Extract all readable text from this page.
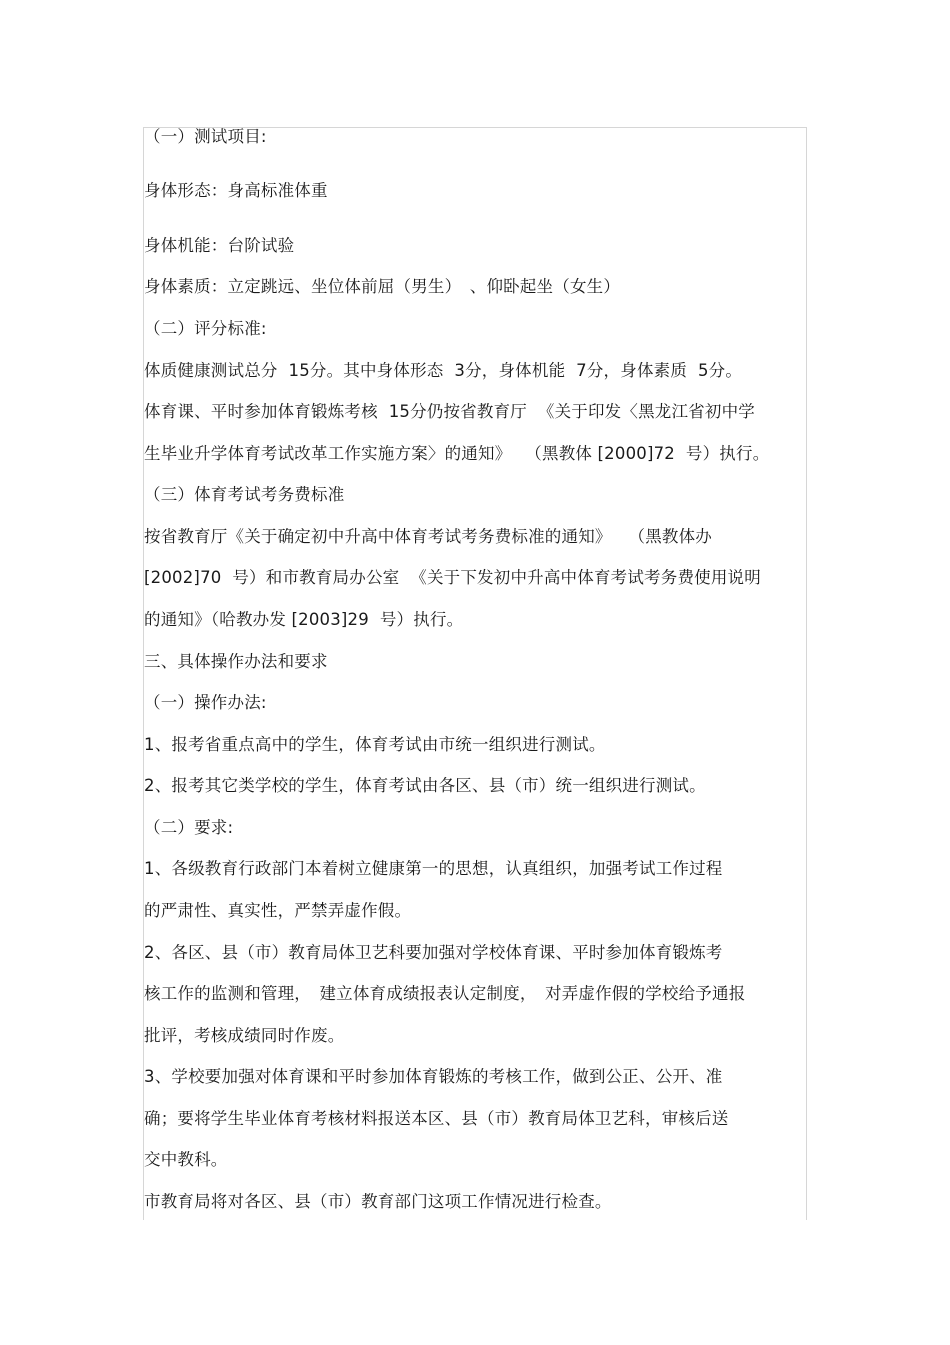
（一）测试项目:
身体形态：身高标准体重
身体机能：台阶试验
身体素质：立定跳远、坐位体前屈（男生）　、仰卧起坐（女生）
（二）评分标准:
体质健康测试总分  15分。其中身体形态  3分，身体机能  7分，身体素质  5分。
体育课、平时参加体育锻炼考核  15分仍按省教育厅  《关于印发〈黑龙江省初中学
生毕业升学体育考试改革工作实施方案〉的通知》　 （黑教体 [2000]72  号）执行。
（三）体育考试考务费标准
按省教育厅《关于确定初中升高中体育考试考务费标准的通知》　　（黑教体办
[2002]70  号）和市教育局办公室  《关于下发初中升高中体育考试考务费使用说明
的通知》（哈教办发 [2003]29  号）执行。
三、具体操作办法和要求
（一）操作办法:
1、报考省重点高中的学生，体育考试由市统一组织进行测试。
2、报考其它类学校的学生，体育考试由各区、县（市）统一组织进行测试。
（二）要求:
1、各级教育行政部门本着树立健康第一的思想，认真组织，加强考试工作过程
的严肃性、真实性，严禁弄虚作假。
2、各区、县（市）教育局体卫艺科要加强对学校体育课、平时参加体育锻炼考
核工作的监测和管理，　建立体育成绩报表认定制度，　对弄虚作假的学校给予通报
批评，考核成绩同时作废。
3、学校要加强对体育课和平时参加体育锻炼的考核工作，做到公正、公开、准
确；要将学生毕业体育考核材料报送本区、县（市）教育局体卫艺科，审核后送
交中教科。
市教育局将对各区、县（市）教育部门这项工作情况进行检查。
